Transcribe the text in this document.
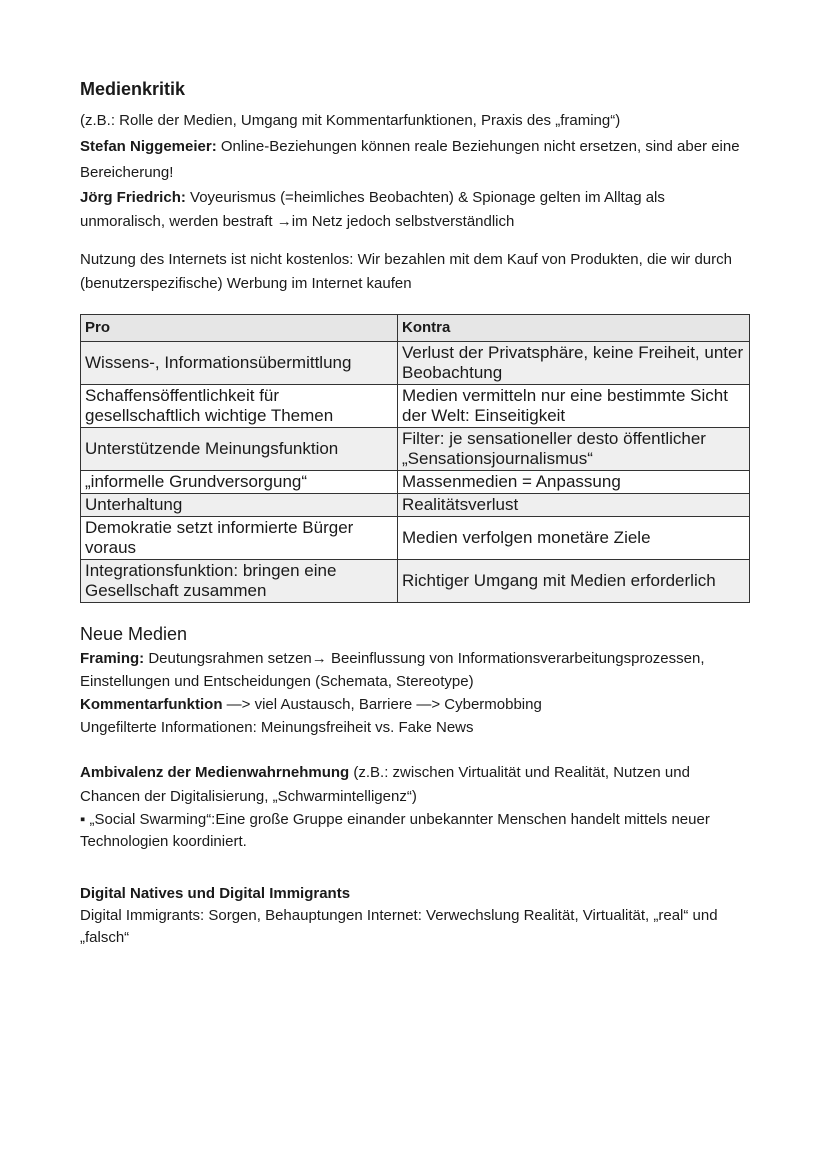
Medienkritik

(z.B.: Rolle der Medien, Umgang mit Kommentarfunktionen, Praxis des „framing“)

Stefan Niggemeier: Online-Beziehungen können reale Beziehungen nicht ersetzen, sind aber eine Bereicherung!

Jörg Friedrich: Voyeurismus (=heimliches Beobachten) & Spionage gelten im Alltag als unmoralisch, werden bestraft →im Netz jedoch selbstverständlich

Nutzung des Internets ist nicht kostenlos: Wir bezahlen mit dem Kauf von Produkten, die wir durch (benutzerspezifische) Werbung im Internet kaufen

Pro	Kontra
Wissens-, Informationsübermittlung	Verlust der Privatsphäre, keine Freiheit, unter Beobachtung
Schaffensöffentlichkeit für gesellschaftlich wichtige Themen	Medien vermitteln nur eine bestimmte Sicht der Welt: Einseitigkeit
Unterstützende Meinungsfunktion	Filter: je sensationeller desto öffentlicher „Sensationsjournalismus“
„informelle Grundversorgung“	Massenmedien = Anpassung
Unterhaltung	Realitätsverlust
Demokratie setzt informierte Bürger voraus	Medien verfolgen monetäre Ziele
Integrationsfunktion: bringen eine Gesellschaft zusammen	Richtiger Umgang mit Medien erforderlich
Neue Medien

Framing: Deutungsrahmen setzen→ Beeinflussung von Informationsverarbeitungsprozessen, Einstellungen und Entscheidungen (Schemata, Stereotype)

Kommentarfunktion —> viel Austausch, Barriere —> Cybermobbing

Ungefilterte Informationen: Meinungsfreiheit vs. Fake News

Ambivalenz der Medienwahrnehmung (z.B.: zwischen Virtualität und Realität, Nutzen und Chancen der Digitalisierung, „Schwarmintelligenz“)

▪ „Social Swarming“:Eine große Gruppe einander unbekannter Menschen handelt mittels neuer Technologien koordiniert.

Digital Natives und Digital Immigrants

Digital Immigrants: Sorgen, Behauptungen Internet: Verwechslung Realität, Virtualität, „real“ und „falsch“
